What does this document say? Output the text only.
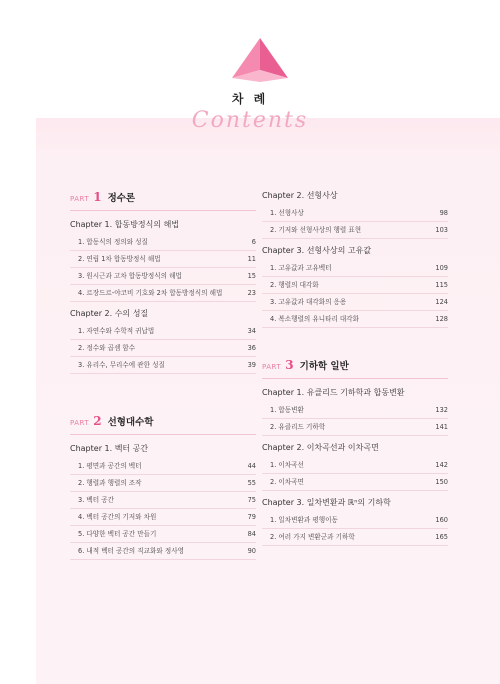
차 례
Contents
PART 1 정수론
Chapter 1. 합동방정식의 해법
1. 합동식의 정의와 성질	6
2. 연립 1차 합동방정식 해법	11
3. 원시근과 고차 합동방정식의 해법	15
4. 르장드르-야코비 기호와 2차 합동방정식의 해법	23
Chapter 2. 수의 성질
1. 자연수와 수학적 귀납법	34
2. 정수와 곱셈 함수	36
3. 유리수, 무리수에 관한 성질	39
PART 2 선형대수학
Chapter 1. 벡터 공간
1. 평면과 공간의 벡터	44
2. 행렬과 행렬의 조작	55
3. 벡터 공간	75
4. 벡터 공간의 기저와 차원	79
5. 다양한 벡터 공간 만들기	84
6. 내적 벡터 공간의 직교화와 정사영	90
Chapter 2. 선형사상
1. 선형사상	98
2. 기저와 선형사상의 행렬 표현	103
Chapter 3. 선형사상의 고유값
1. 고유값과 고유벡터	109
2. 행렬의 대각화	115
3. 고유값과 대각화의 응용	124
4. 복소행렬의 유니타리 대각화	128
PART 3 기하학 일반
Chapter 1. 유클리드 기하학과 합동변환
1. 합동변환	132
2. 유클리드 기하학	141
Chapter 2. 이차곡선과 이차곡면
1. 이차곡선	142
2. 이차곡면	150
Chapter 3. 일차변환과 ℝⁿ의 기하학
1. 일차변환과 평행이동	160
2. 여러 가지 변환군과 기하학	165
